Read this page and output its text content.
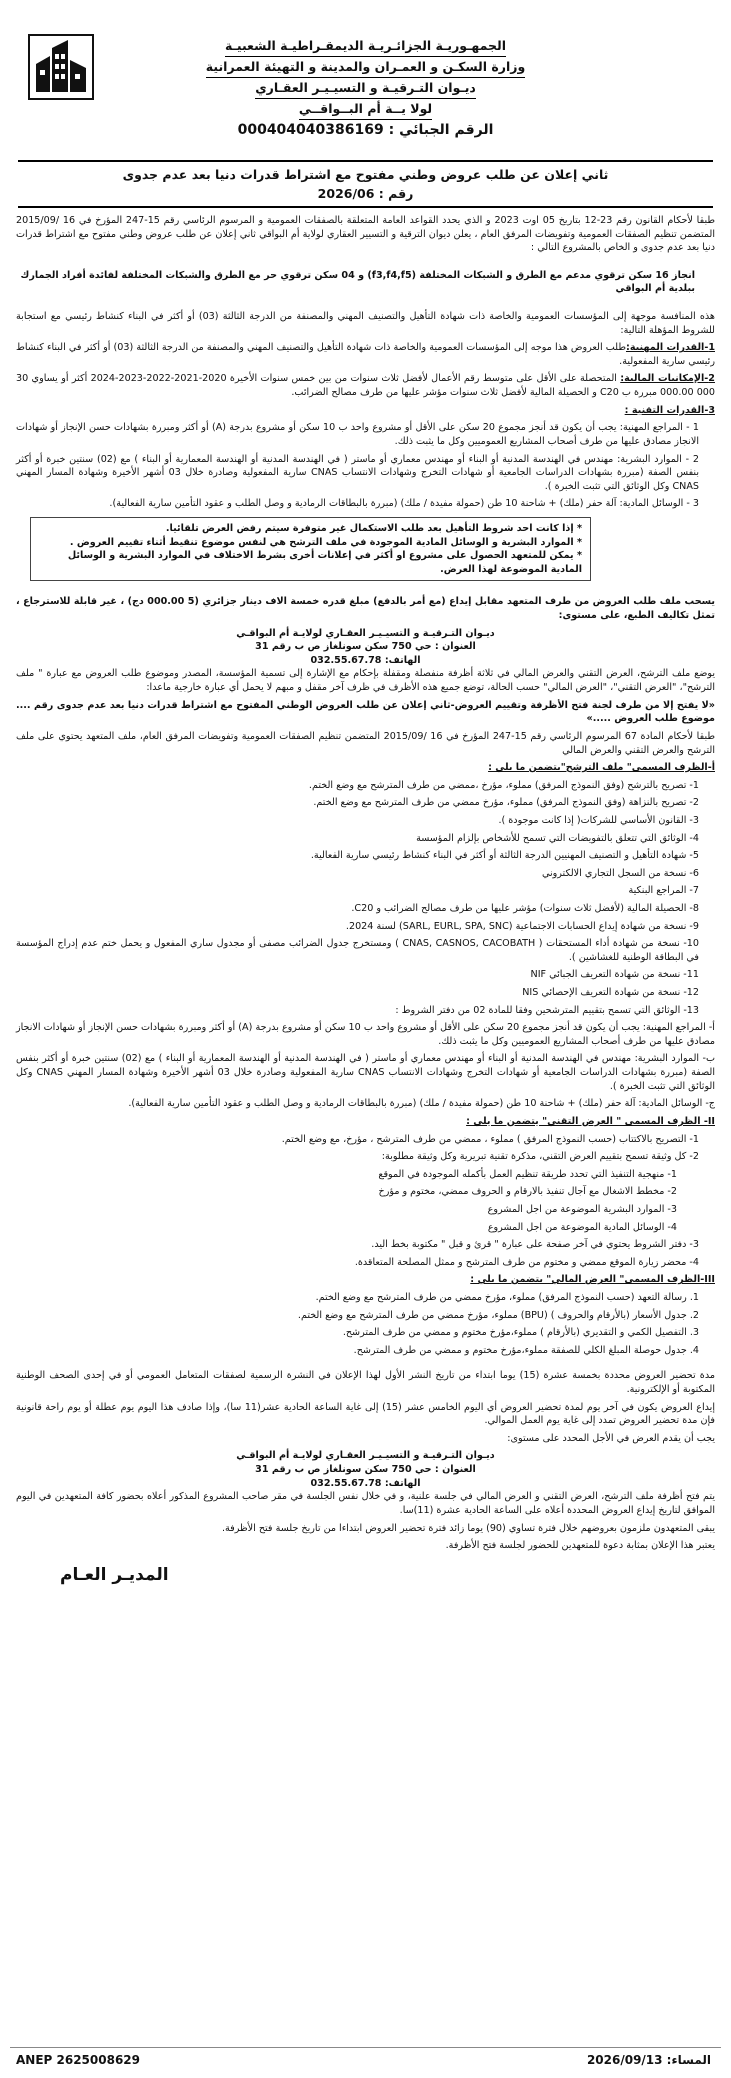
الجمهـوريـة الجزائـريـة الديمقـراطيـة الشعبيـة
وزارة السكـن و العمـران والمدينة و التهيئة العمرانية
ديـوان التـرقيـة و التسيـيـر العقـاري
لولا يــة أم البــواقــي
الرقم الجبائي : 000404040386169
ثاني إعلان عن طلب عروض وطني مفتوح مع اشتراط قدرات دنيا بعد عدم جدوى
رقم : 2026/06
طبقا لأحكام القانون رقم 23-12 بتاريخ 05 اوت 2023 و الذي يحدد القواعد العامة المتعلقة بالصفقات العمومية و المرسوم الرئاسي رقم 15-247 المؤرخ في 16 /2015/09 المتضمن تنظيم الصفقات العمومية وتفويضات المرفق العام ، يعلن ديوان الترقية و التسيير العقاري لولاية أم البواقي ثاني إعلان عن طلب عروض وطني مفتوح مع اشتراط قدرات دنيا بعد عدم جدوى و الخاص بالمشروع التالي :
انجاز 16 سكن ترقوي مدعم مع الطرق و الشبكات المختلفة (f3,f4,f5) و 04 سكن ترقوي حر مع الطرق والشبكات المختلفة لفائدة أفراد الجمارك ببلدية أم البواقي
هذه المنافسة موجهة إلى المؤسسات العمومية والخاصة ذات شهادة التأهيل والتصنيف المهني والمصنفة من الدرجة الثالثة (03) أو أكثر في البناء كنشاط رئيسي مع استجابة للشروط المؤهلة التالية:
1-القدرات المهنية:طلب العروض هذا موجه إلى المؤسسات العمومية والخاصة ذات شهادة التأهيل والتصنيف المهني والمصنفة من الدرجة الثالثة (03) أو أكثر في البناء كنشاط رئيسي سارية المفعولية.
2-الإمكانيات المالية: المتحصلة على الأقل على متوسط رقم الأعمال لأفضل ثلاث سنوات من بين خمس سنوات الأخيرة 2020-2021-2022-2023-2024 أكثر أو يساوي 30 000 000.00 مبررة ب C20 و الحصيلة المالية لأفضل ثلاث سنوات مؤشر عليها من طرف مصالح الضرائب.
3-القدرات التقنية :
1 - المراجع المهنية: يجب أن يكون قد أنجز مجموع 20 سكن على الأقل أو مشروع واحد ب 10 سكن أو مشروع بدرجة (A) أو أكثر ومبررة بشهادات حسن الإنجاز أو شهادات الانجاز مصادق عليها من طرف أصحاب المشاريع العموميين وكل ما يثبت ذلك.
2 - الموارد البشرية: مهندس في الهندسة المدنية أو البناء أو مهندس معماري أو ماستر ( في الهندسة المدنية أو الهندسة المعمارية أو البناء ) مع (02) سنتين خبرة أو أكثر بنفس الصفة (مبررة بشهادات الدراسات الجامعية أو شهادات التخرج وشهادات الانتساب CNAS سارية المفعولية وصادرة خلال 03 أشهر الأخيرة وشهادة المسار المهني CNAS وكل الوثائق التي تثبت الخبرة ).
3 - الوسائل المادية: آلة حفر (ملك) + شاحنة 10 طن (حمولة مفيدة / ملك) (مبررة بالبطاقات الرمادية و وصل الطلب و عقود التأمين سارية الفعالية).
* إذا كانت احد شروط التأهيل بعد طلب الاستكمال غير متوفرة سيتم رفض العرض تلقائيا.
* الموارد البشرية و الوسائل المادية الموجودة في ملف الترشح هي لنفس موضوع تنقيط أثناء تقييم العروض .
* يمكن للمتعهد الحصول على مشروع او أكثر في إعلانات أخرى بشرط الاختلاف في الموارد البشرية و الوسائل المادية الموضوعة لهذا العرض.
يسحب ملف طلب العروض من طرف المتعهد مقابل إيداع (مع أمر بالدفع) مبلغ قدره خمسة الاف دينار جزائري (5 000.00 دج) ، غير قابلة للاسترجاع ، تمثل تكاليف الطبع، على مستوى:
ديـوان التـرقيـة و التسيـيـر العقـاري لولايـة أم البواقـي
العنوان : حي 750 سكن سونلغاز ص ب رقم 31
الهاتف: 032.55.67.78
يوضع ملف الترشح، العرض التقني والعرض المالي في ثلاثة أظرفة منفصلة ومقفلة بإحكام مع الإشارة إلى تسمية المؤسسة، المصدر وموضوع طلب العروض مع عبارة " ملف الترشح"، "العرض التقني"، "العرض المالي" حسب الحالة، توضع جميع هذه الأظرف في ظرف آخر مقفل و مبهم لا يحمل أي عبارة خارجية ماعدا:
«لا يفتح إلا من طرف لجنة فتح الأظرفة وتقييم العروض-ثاني إعلان عن طلب العروض الوطني المفتوح مع اشتراط قدرات دنيا بعد عدم جدوى رقم .... موضوع طلب العروض .....»
طبقا لأحكام المادة 67 المرسوم الرئاسي رقم 15-247 المؤرخ في 16 /2015/09 المتضمن تنظيم الصفقات العمومية وتفويضات المرفق العام، ملف المتعهد يحتوي على ملف الترشح والعرض التقني والعرض المالي
أ-الظرف المسمى" ملف الترشح"يتضمن ما يلي :
1- تصريح بالترشح (وفق النموذج المرفق) مملوء، مؤرخ ،ممضي من طرف المترشح مع وضع الختم.
2- تصريح بالنزاهة (وفق النموذج المرفق) مملوء، مؤرخ ممضي من طرف المترشح مع وضع الختم.
3- القانون الأساسي للشركات( إذا كانت موجودة ).
4- الوثائق التي تتعلق بالتفويضات التي تسمح للأشخاص بإلزام المؤسسة
5- شهادة التأهيل و التصنيف المهنيين الدرجة الثالثة أو أكثر في البناء كنشاط رئيسي سارية الفعالية.
6- نسخة من السجل التجاري الالكتروني
7- المراجع البنكية
8- الحصيلة المالية (لأفضل ثلاث سنوات) مؤشر عليها من طرف مصالح الضرائب و C20.
9- نسخة من شهادة إيداع الحسابات الاجتماعية (SARL, EURL, SPA, SNC) لسنة 2024.
10- نسخة من شهادة أداء المستحقات ( CNAS, CASNOS, CACOBATH ) ومستخرج جدول الضرائب مصفى أو مجدول ساري المفعول و يحمل ختم عدم إدراج المؤسسة في البطاقة الوطنية للغشاشين ).
11- نسخة من شهادة التعريف الجبائي NIF
12- نسخة من شهادة التعريف الإحصائي NIS
13- الوثائق التي تسمح بتقييم المترشحين وفقا للمادة 02 من دفتر الشروط :
أ- المراجع المهنية: يجب أن يكون قد أنجز مجموع 20 سكن على الأقل أو مشروع واحد ب 10 سكن أو مشروع بدرجة (A) أو أكثر ومبررة بشهادات حسن الإنجاز أو شهادات الانجاز مصادق عليها من طرف أصحاب المشاريع العموميين وكل ما يثبت ذلك.
ب- الموارد البشرية: مهندس في الهندسة المدنية أو البناء أو مهندس معماري أو ماستر ( في الهندسة المدنية أو الهندسة المعمارية أو البناء ) مع (02) سنتين خبرة أو أكثر بنفس الصفة (مبررة بشهادات الدراسات الجامعية أو شهادات التخرج وشهادات الانتساب CNAS سارية المفعولية وصادرة خلال 03 أشهر الأخيرة وشهادة المسار المهني CNAS وكل الوثائق التي تثبت الخبرة ).
ج- الوسائل المادية: آلة حفر (ملك) + شاحنة 10 طن (حمولة مفيدة / ملك) (مبررة بالبطاقات الرمادية و وصل الطلب و عقود التأمين سارية الفعالية).
II- الظرف المسمى " العرض التقني" يتضمن ما يلي :
1- التصريح بالاكتتاب (حسب النموذج المرفق ) مملوء ، ممضي من طرف المترشح ، مؤرخ، مع وضع الختم.
2- كل وثيقة تسمح بتقييم العرض التقني، مذكرة تقنية تبريرية وكل وثيقة مطلوبة:
1- منهجية التنفيذ التي تحدد طريقة تنظيم العمل بأكمله الموجودة في الموقع
2- مخطط الاشغال مع آجال تنفيذ بالارقام و الحروف ممضي، مختوم و مؤرخ
3- الموارد البشرية الموضوعة من اجل المشروع
4- الوسائل المادية الموضوعة من اجل المشروع
3- دفتر الشروط يحتوي في آخر صفحة على عبارة " قرئ و قبل " مكتوبة بخط اليد.
4- محضر زيارة الموقع ممضي و مختوم من طرف المترشح و ممثل المصلحة المتعاقدة.
III-الظرف المسمى" العرض المالي" يتضمن ما يلي :
1. رسالة التعهد (حسب النموذج المرفق) مملوء، مؤرخ ممضي من طرف المترشح مع وضع الختم.
2. جدول الأسعار (بالأرقام والحروف ) (BPU) مملوء، مؤرخ ممضي من طرف المترشح مع وضع الختم.
3. التفصيل الكمي و التقديري (بالأرقام ) مملوء،مؤرخ مختوم و ممضي من طرف المترشح.
4. جدول حوصلة المبلغ الكلي للصفقة مملوء،مؤرخ مختوم و ممضي من طرف المترشح.
مدة تحضير العروض محددة بخمسة عشرة (15) يوما ابتداء من تاريخ النشر الأول لهذا الإعلان في النشرة الرسمية لصفقات المتعامل العمومي أو في إحدى الصحف الوطنية المكتوبة أو الإلكترونية.
إيداع العروض يكون في آخر يوم لمدة تحضير العروض أي اليوم الخامس عشر (15) إلى غاية الساعة الحادية عشر(11 سا)، وإذا صادف هذا اليوم يوم عطلة أو يوم راحة قانونية فإن مدة تحضير العروض تمدد إلى غاية يوم العمل الموالي.
يجب أن يقدم العرض في الأجل المحدد على مستوى:
ديـوان التـرقيـة و التسيـيـر العقـاري لولايـة أم البواقـي
العنوان : حي 750 سكن سونلغاز ص ب رقم 31
الهاتف: 032.55.67.78
يتم فتح أظرفة ملف الترشح، العرض التقني و العرض المالي في جلسة علنية، و في خلال نفس الجلسة في مقر صاحب المشروع المذكور أعلاه بحضور كافة المتعهدين في اليوم الموافق لتاريخ إيداع العروض المحددة أعلاه على الساعة الحادية عشرة (11)سا.
يبقى المتعهدون ملزمون بعروضهم خلال فترة تساوي (90) يوما زائد فترة تحضير العروض ابتداءا من تاريخ جلسة فتح الأظرفة.
يعتبر هذا الإعلان بمثابة دعوة للمتعهدين للحضور لجلسة فتح الأظرفة.
المديـر العـام
ANEP 2625008629	المساء: 2026/09/13
